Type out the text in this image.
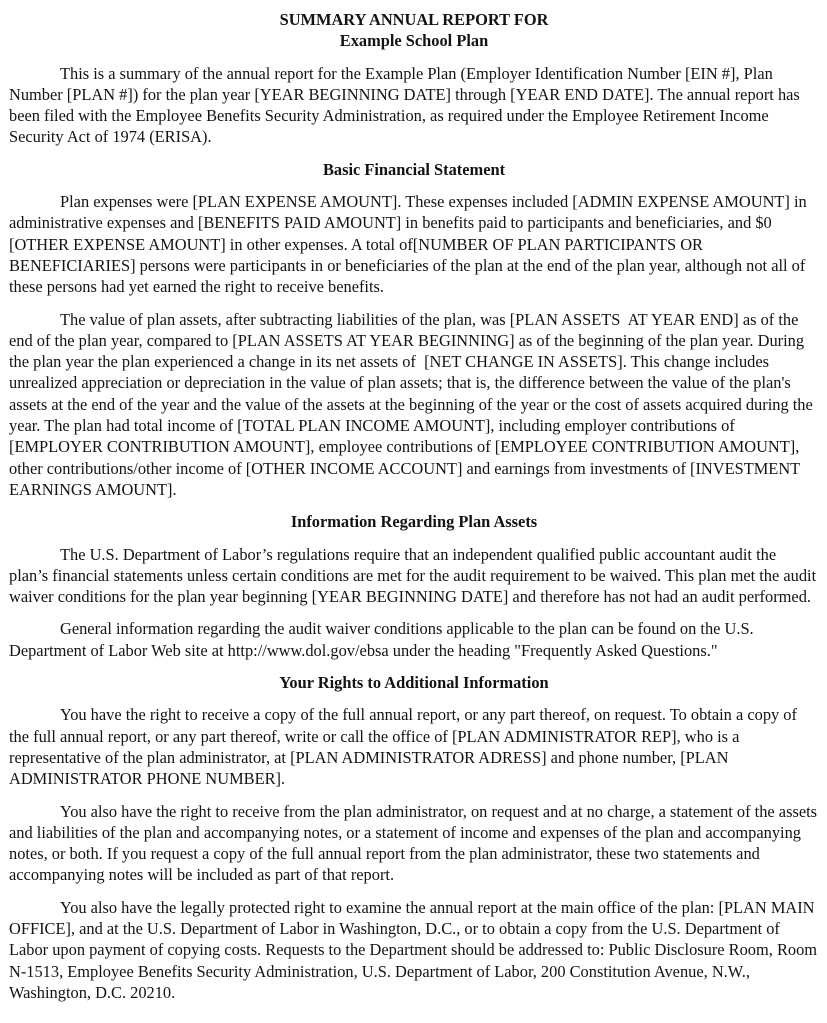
SUMMARY ANNUAL REPORT FOR
Example School Plan

This is a summary of the annual report for the Example Plan (Employer Identification Number [EIN #], Plan Number [PLAN #]) for the plan year [YEAR BEGINNING DATE] through [YEAR END DATE]. The annual report has been filed with the Employee Benefits Security Administration, as required under the Employee Retirement Income Security Act of 1974 (ERISA).

Basic Financial Statement

Plan expenses were [PLAN EXPENSE AMOUNT]. These expenses included [ADMIN EXPENSE AMOUNT] in administrative expenses and [BENEFITS PAID AMOUNT] in benefits paid to participants and beneficiaries, and $0 [OTHER EXPENSE AMOUNT] in other expenses. A total of[NUMBER OF PLAN PARTICIPANTS OR BENEFICIARIES] persons were participants in or beneficiaries of the plan at the end of the plan year, although not all of these persons had yet earned the right to receive benefits.

The value of plan assets, after subtracting liabilities of the plan, was [PLAN ASSETS  AT YEAR END] as of the end of the plan year, compared to [PLAN ASSETS AT YEAR BEGINNING] as of the beginning of the plan year. During the plan year the plan experienced a change in its net assets of  [NET CHANGE IN ASSETS]. This change includes unrealized appreciation or depreciation in the value of plan assets; that is, the difference between the value of the plan's assets at the end of the year and the value of the assets at the beginning of the year or the cost of assets acquired during the year. The plan had total income of [TOTAL PLAN INCOME AMOUNT], including employer contributions of [EMPLOYER CONTRIBUTION AMOUNT], employee contributions of [EMPLOYEE CONTRIBUTION AMOUNT], other contributions/other income of [OTHER INCOME ACCOUNT] and earnings from investments of [INVESTMENT EARNINGS AMOUNT].

Information Regarding Plan Assets

The U.S. Department of Labor’s regulations require that an independent qualified public accountant audit the plan’s financial statements unless certain conditions are met for the audit requirement to be waived. This plan met the audit waiver conditions for the plan year beginning [YEAR BEGINNING DATE] and therefore has not had an audit performed.

General information regarding the audit waiver conditions applicable to the plan can be found on the U.S. Department of Labor Web site at http://www.dol.gov/ebsa under the heading "Frequently Asked Questions."

Your Rights to Additional Information

You have the right to receive a copy of the full annual report, or any part thereof, on request. To obtain a copy of the full annual report, or any part thereof, write or call the office of [PLAN ADMINISTRATOR REP], who is a representative of the plan administrator, at [PLAN ADMINISTRATOR ADRESS] and phone number, [PLAN ADMINISTRATOR PHONE NUMBER].

You also have the right to receive from the plan administrator, on request and at no charge, a statement of the assets and liabilities of the plan and accompanying notes, or a statement of income and expenses of the plan and accompanying notes, or both. If you request a copy of the full annual report from the plan administrator, these two statements and accompanying notes will be included as part of that report.

You also have the legally protected right to examine the annual report at the main office of the plan: [PLAN MAIN OFFICE], and at the U.S. Department of Labor in Washington, D.C., or to obtain a copy from the U.S. Department of Labor upon payment of copying costs. Requests to the Department should be addressed to: Public Disclosure Room, Room N-1513, Employee Benefits Security Administration, U.S. Department of Labor, 200 Constitution Avenue, N.W., Washington, D.C. 20210.
